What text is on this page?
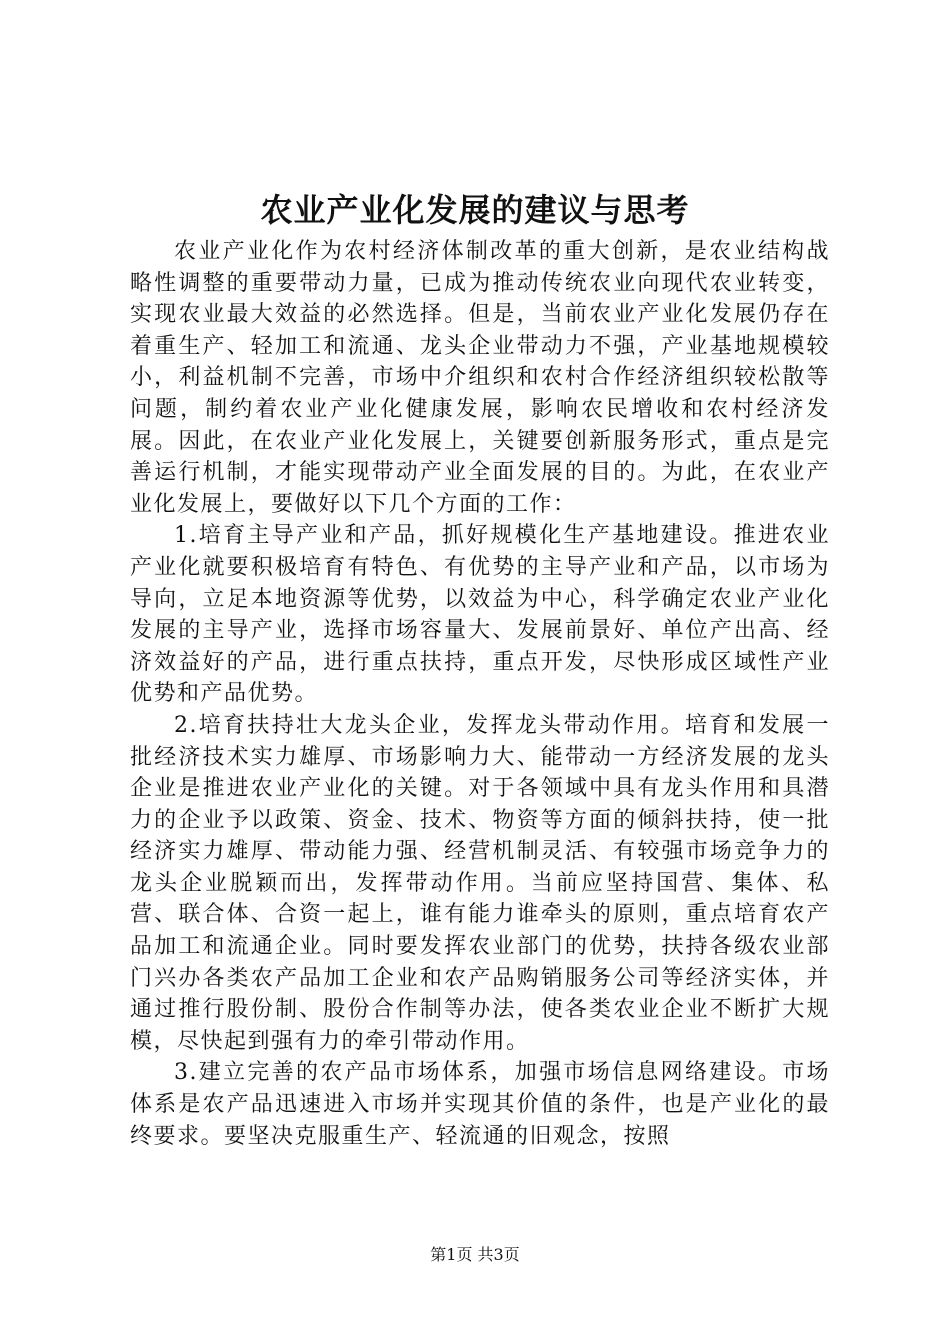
农业产业化发展的建议与思考

农业产业化作为农村经济体制改革的重大创新，是农业结构战略性调整的重要带动力量，已成为推动传统农业向现代农业转变，实现农业最大效益的必然选择。但是，当前农业产业化发展仍存在着重生产、轻加工和流通、龙头企业带动力不强，产业基地规模较小，利益机制不完善，市场中介组织和农村合作经济组织较松散等问题，制约着农业产业化健康发展，影响农民增收和农村经济发展。因此，在农业产业化发展上，关键要创新服务形式，重点是完善运行机制，才能实现带动产业全面发展的目的。为此，在农业产业化发展上，要做好以下几个方面的工作：

1.培育主导产业和产品，抓好规模化生产基地建设。推进农业产业化就要积极培育有特色、有优势的主导产业和产品，以市场为导向，立足本地资源等优势，以效益为中心，科学确定农业产业化发展的主导产业，选择市场容量大、发展前景好、单位产出高、经济效益好的产品，进行重点扶持，重点开发，尽快形成区域性产业优势和产品优势。

2.培育扶持壮大龙头企业，发挥龙头带动作用。培育和发展一批经济技术实力雄厚、市场影响力大、能带动一方经济发展的龙头企业是推进农业产业化的关键。对于各领域中具有龙头作用和具潜力的企业予以政策、资金、技术、物资等方面的倾斜扶持，使一批经济实力雄厚、带动能力强、经营机制灵活、有较强市场竞争力的龙头企业脱颖而出，发挥带动作用。当前应坚持国营、集体、私营、联合体、合资一起上，谁有能力谁牵头的原则，重点培育农产品加工和流通企业。同时要发挥农业部门的优势，扶持各级农业部门兴办各类农产品加工企业和农产品购销服务公司等经济实体，并通过推行股份制、股份合作制等办法，使各类农业企业不断扩大规模，尽快起到强有力的牵引带动作用。

3.建立完善的农产品市场体系，加强市场信息网络建设。市场体系是农产品迅速进入市场并实现其价值的条件，也是产业化的最终要求。要坚决克服重生产、轻流通的旧观念，按照

第1页 共3页
